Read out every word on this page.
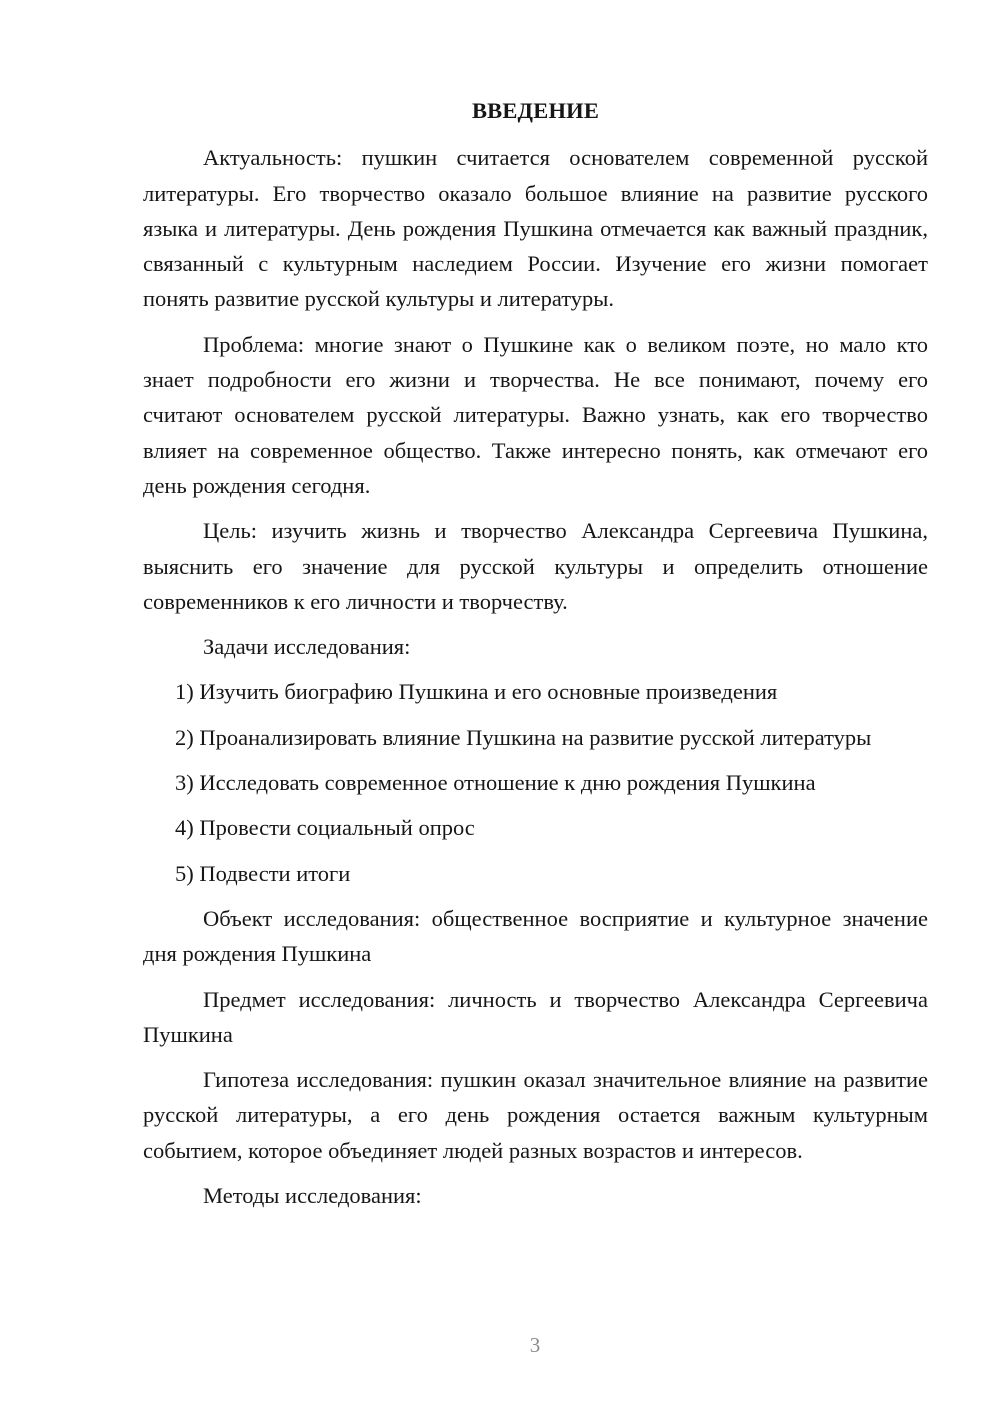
ВВЕДЕНИЕ

Актуальность: пушкин считается основателем современной русской литературы. Его творчество оказало большое влияние на развитие русского языка и литературы. День рождения Пушкина отмечается как важный праздник, связанный с культурным наследием России. Изучение его жизни помогает понять развитие русской культуры и литературы.

Проблема: многие знают о Пушкине как о великом поэте, но мало кто знает подробности его жизни и творчества. Не все понимают, почему его считают основателем русской литературы. Важно узнать, как его творчество влияет на современное общество. Также интересно понять, как отмечают его день рождения сегодня.

Цель: изучить жизнь и творчество Александра Сергеевича Пушкина, выяснить его значение для русской культуры и определить отношение современников к его личности и творчеству.

Задачи исследования:

1) Изучить биографию Пушкина и его основные произведения

2) Проанализировать влияние Пушкина на развитие русской литературы

3) Исследовать современное отношение к дню рождения Пушкина

4) Провести социальный опрос

5) Подвести итоги

Объект исследования: общественное восприятие и культурное значение дня рождения Пушкина

Предмет исследования: личность и творчество Александра Сергеевича Пушкина

Гипотеза исследования: пушкин оказал значительное влияние на развитие русской литературы, а его день рождения остается важным культурным событием, которое объединяет людей разных возрастов и интересов.

Методы исследования:

3
